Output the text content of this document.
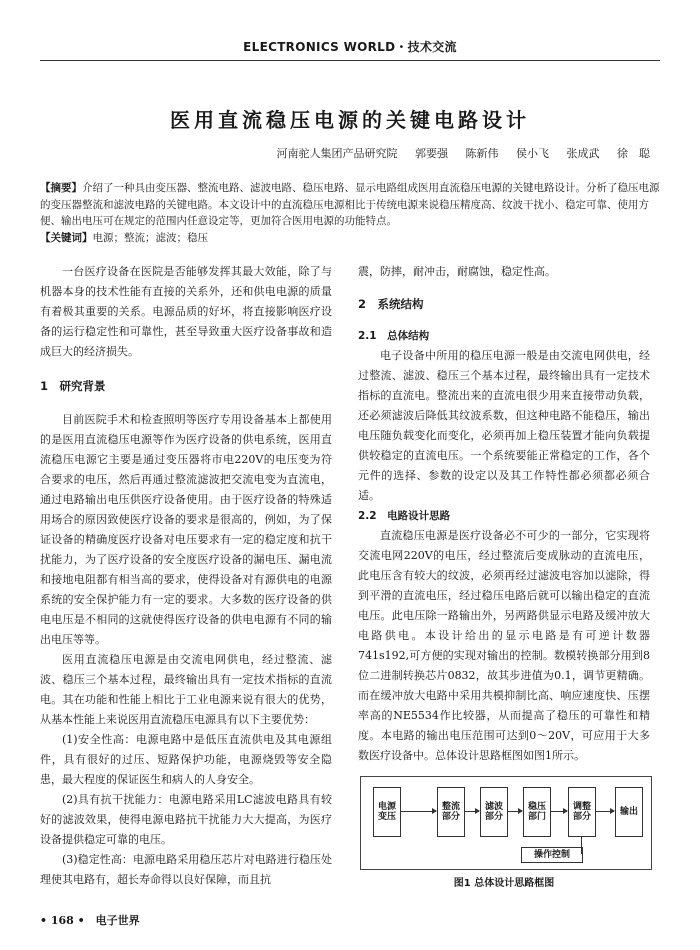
ELECTRONICS WORLD・技术交流
医用直流稳压电源的关键电路设计
河南驼人集团产品研究院 郭要强 陈新伟 侯小飞 张成武 徐　聪
【摘要】介绍了一种具由变压器、整流电路、滤波电路、稳压电路、显示电路组成医用直流稳压电源的关键电路设计。分析了稳压电源的变压器整流和滤波电路的关键电路。本文设计中的直流稳压电源相比于传统电源来说稳压精度高、纹波干扰小、稳定可靠、使用方便、输出电压可在规定的范围内任意设定等，更加符合医用电源的功能特点。
【关键词】电源；整流；滤波；稳压

一台医疗设备在医院是否能够发挥其最大效能，除了与机器本身的技术性能有直接的关系外，还和供电电源的质量有着极其重要的关系。电源品质的好坏，将直接影响医疗设备的运行稳定性和可靠性，甚至导致重大医疗设备事故和造成巨大的经济损失。

1　研究背景

目前医院手术和检查照明等医疗专用设备基本上都使用的是医用直流稳压电源等作为医疗设备的供电系统，医用直流稳压电源它主要是通过变压器将市电220V的电压变为符合要求的电压，然后再通过整流滤波把交流电变为直流电，通过电路输出电压供医疗设备使用。由于医疗设备的特殊适用场合的原因致使医疗设备的要求是很高的，例如，为了保证设备的精确度医疗设备对电压要求有一定的稳定度和抗干扰能力，为了医疗设备的安全度医疗设备的漏电压、漏电流和接地电阻都有相当高的要求，使得设备对有源供电的电源系统的安全保护能力有一定的要求。大多数的医疗设备的供电电压是不相同的这就使得医疗设备的供电电源有不同的输出电压等等。

医用直流稳压电源是由交流电网供电，经过整流、滤波、稳压三个基本过程，最终输出具有一定技术指标的直流电。其在功能和性能上相比于工业电源来说有很大的优势，从基本性能上来说医用直流稳压电源具有以下主要优势：

(1)安全性高：电源电路中是低压直流供电及其电源组件，具有很好的过压、短路保护功能，电源烧毁等安全隐患，最大程度的保证医生和病人的人身安全。

(2)具有抗干扰能力：电源电路采用LC滤波电路具有较好的滤波效果，使得电源电路抗干扰能力大大提高，为医疗设备提供稳定可靠的电压。

(3)稳定性高：电源电路采用稳压芯片对电路进行稳压处理使其电路有，超长寿命得以良好保障，而且抗

震，防摔，耐冲击，耐腐蚀，稳定性高。

2　系统结构

2.1　总体结构

电子设备中所用的稳压电源一般是由交流电网供电，经过整流、滤波、稳压三个基本过程，最终输出具有一定技术指标的直流电。整流出来的直流电很少用来直接带动负载，还必须滤波后降低其纹波系数，但这种电路不能稳压，输出电压随负载变化而变化，必须再加上稳压装置才能向负载提供较稳定的直流电压。一个系统要能正常稳定的工作，各个元件的选择、参数的设定以及其工作特性都必须都必须合适。

2.2　电路设计思路

直流稳压电源是医疗设备必不可少的一部分，它实现将交流电网220V的电压，经过整流后变成脉动的直流电压，此电压含有较大的纹波，必须再经过滤波电容加以滤除，得到平滑的直流电压，经过稳压电路后就可以输出稳定的直流电压。此电压除一路输出外，另两路供显示电路及缓冲放大电路供电。本设计给出的显示电路是有可逆计数器741s192,可方便的实现对输出的控制。数模转换部分用到8位二进制转换芯片0832，故其步进值为0.1，调节更精确。而在缓冲放大电路中采用共模抑制比高、响应速度快、压摆率高的NE5534作比较器，从而提高了稳压的可靠性和精度。本电路的输出电压范围可达到0～20V，可应用于大多数医疗设备中。总体设计思路框图如图1所示。

电源变压
整流部分
滤波部分
稳压部门
调整部分	输出
操作控制
图1 总体设计思路框图
• 168 •　电子世界
